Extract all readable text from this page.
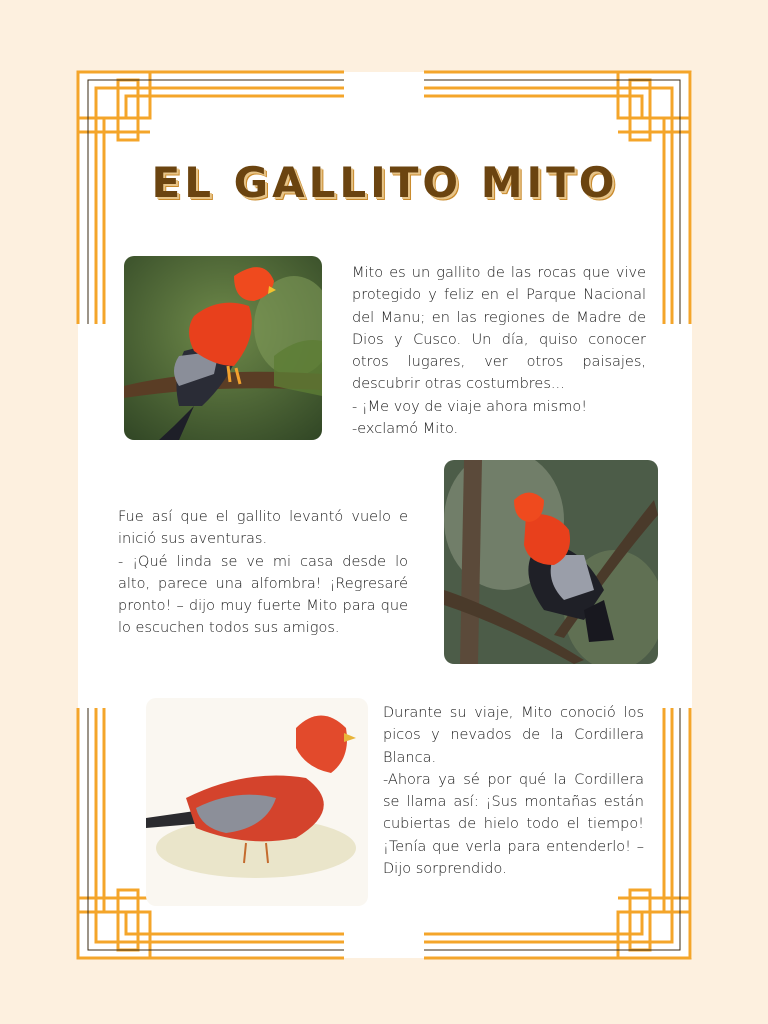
EL GALLITO MITO
Mito es un gallito de las rocas que vive protegido y feliz en el Parque Nacional del Manu; en las regiones de Madre de Dios y Cusco. Un día, quiso conocer otros lugares, ver otros paisajes, descubrir otras costumbres...
- ¡Me voy de viaje ahora mismo!
-exclamó Mito.
Fue así que el gallito levantó vuelo e inició sus aventuras.
- ¡Qué linda se ve mi casa desde lo alto, parece una alfombra! ¡Regresaré pronto! – dijo muy fuerte Mito para que lo escuchen todos sus amigos.
Durante su viaje, Mito conoció los picos y nevados de la Cordillera Blanca.
-Ahora ya sé por qué la Cordillera se llama así: ¡Sus montañas están cubiertas de hielo todo el tiempo! ¡Tenía que verla para entenderlo! – Dijo sorprendido.
